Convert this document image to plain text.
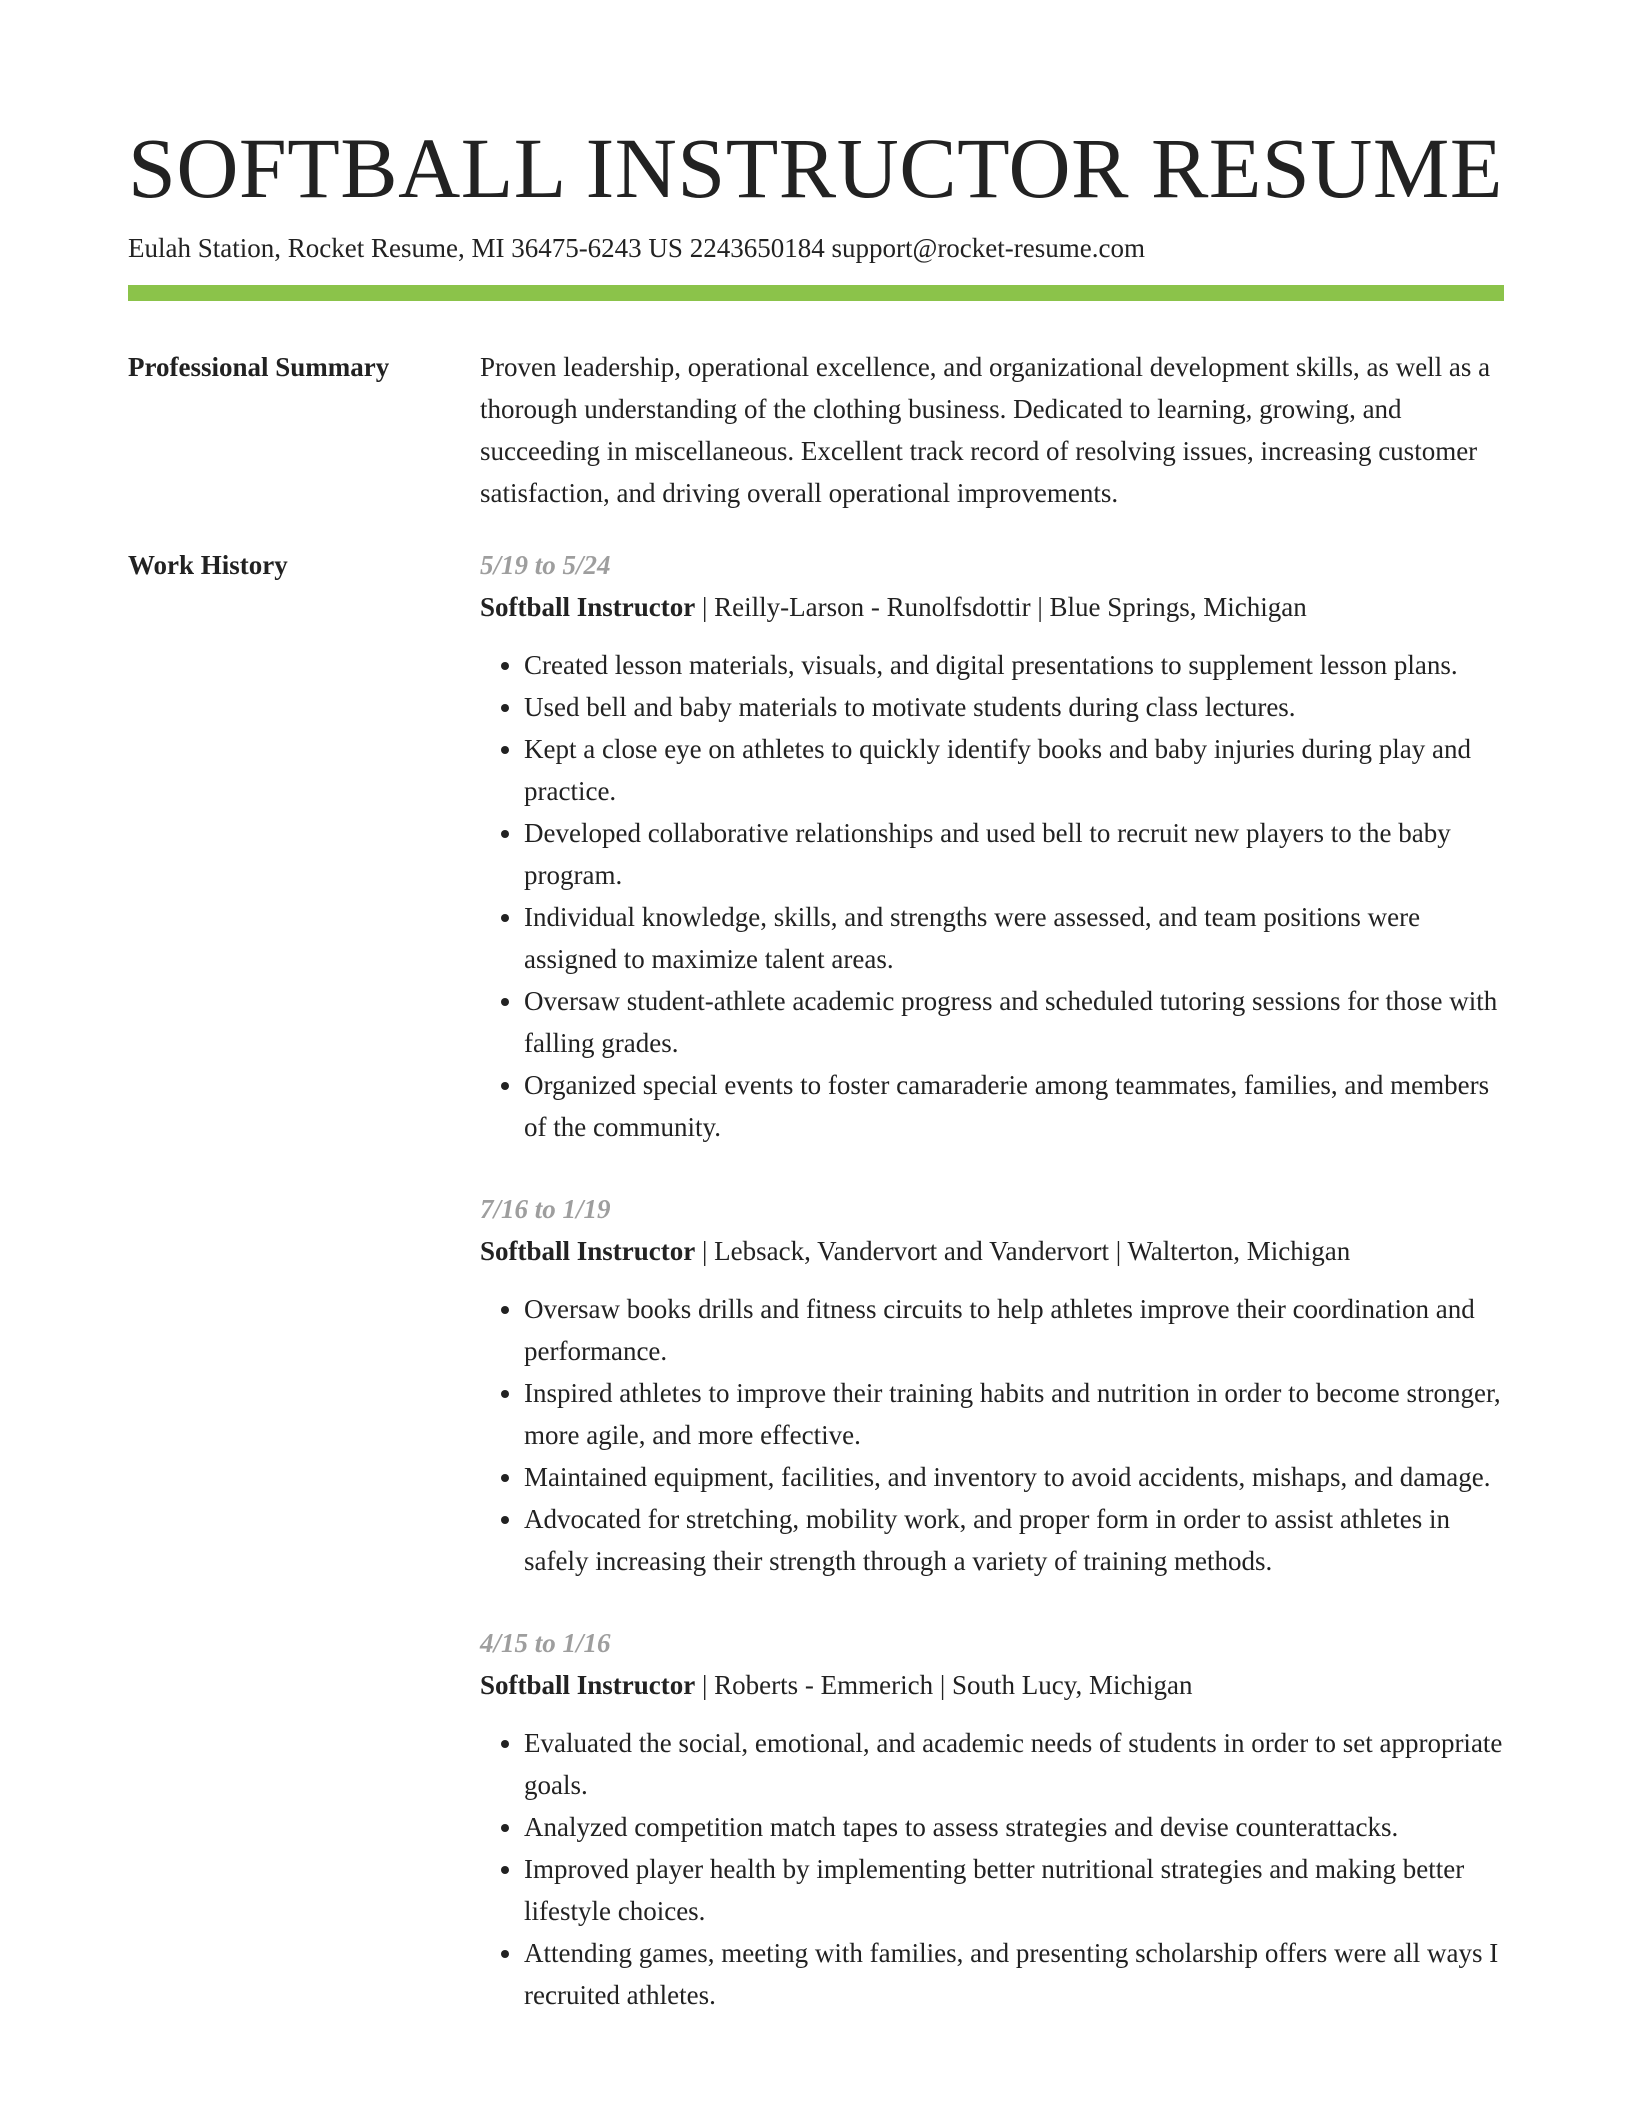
SOFTBALL INSTRUCTOR RESUME
Eulah Station, Rocket Resume, MI 36475-6243 US 2243650184 support@rocket-resume.com
Professional Summary	Proven leadership, operational excellence, and organizational development skills, as well as a thorough understanding of the clothing business. Dedicated to learning, growing, and succeeding in miscellaneous. Excellent track record of resolving issues, increasing customer satisfaction, and driving overall operational improvements.

Work History	5/19 to 5/24
Softball Instructor | Reilly-Larson - Runolfsdottir | Blue Springs, Michigan
• Created lesson materials, visuals, and digital presentations to supplement lesson plans.
• Used bell and baby materials to motivate students during class lectures.
• Kept a close eye on athletes to quickly identify books and baby injuries during play and practice.
• Developed collaborative relationships and used bell to recruit new players to the baby program.
• Individual knowledge, skills, and strengths were assessed, and team positions were assigned to maximize talent areas.
• Oversaw student-athlete academic progress and scheduled tutoring sessions for those with falling grades.
• Organized special events to foster camaraderie among teammates, families, and members of the community.
7/16 to 1/19
Softball Instructor | Lebsack, Vandervort and Vandervort | Walterton, Michigan
• Oversaw books drills and fitness circuits to help athletes improve their coordination and performance.
• Inspired athletes to improve their training habits and nutrition in order to become stronger, more agile, and more effective.
• Maintained equipment, facilities, and inventory to avoid accidents, mishaps, and damage.
• Advocated for stretching, mobility work, and proper form in order to assist athletes in safely increasing their strength through a variety of training methods.
4/15 to 1/16
Softball Instructor | Roberts - Emmerich | South Lucy, Michigan
• Evaluated the social, emotional, and academic needs of students in order to set appropriate goals.
• Analyzed competition match tapes to assess strategies and devise counterattacks.
• Improved player health by implementing better nutritional strategies and making better lifestyle choices.
• Attending games, meeting with families, and presenting scholarship offers were all ways I recruited athletes.
